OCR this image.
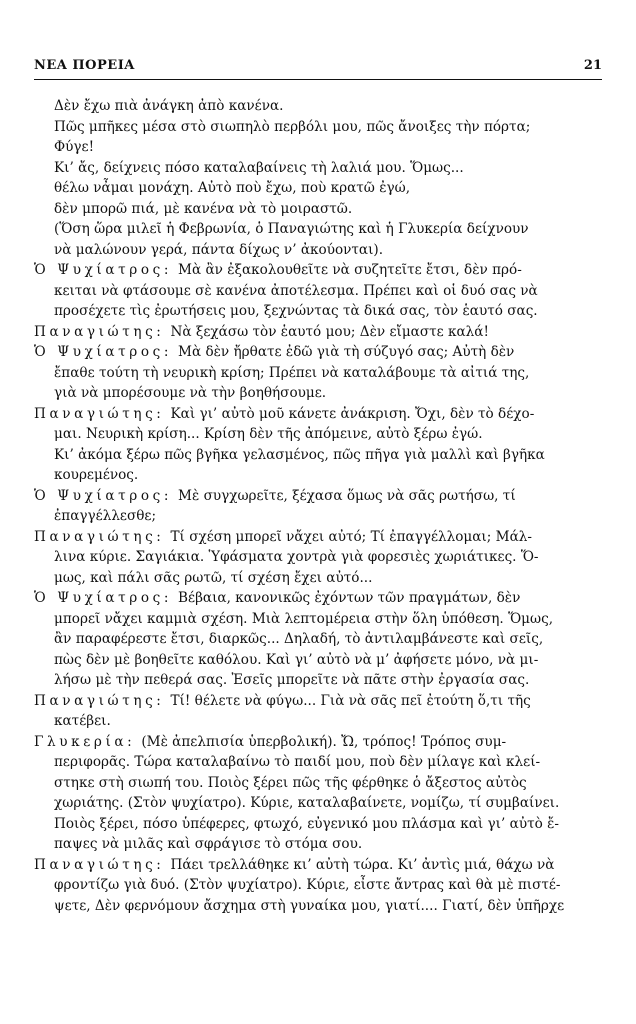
ΝΕΑ ΠΟΡΕΙΑ	21
Δὲν ἔχω πιὰ ἀνάγκη ἀπὸ κανένα.
Πῶς μπῆκες μέσα στὸ σιωπηλὸ περβόλι μου, πῶς ἄνοιξες τὴν πόρτα;
Φύγε!
Κι’ ἄς, δείχνεις πόσο καταλαβαίνεις τὴ λαλιά μου. Ὅμως...
θέλω νἆμαι μονάχη. Αὐτὸ ποὺ ἔχω, ποὺ κρατῶ ἐγώ,
δὲν μπορῶ πιά, μὲ κανένα νὰ τὸ μοιραστῶ.
(Ὅση ὥρα μιλεῖ ἡ Φεβρωνία, ὁ Παναγιώτης καὶ ἡ Γλυκερία δείχνουν
νὰ μαλώνουν γερά, πάντα δίχως ν’ ἀκούονται).
Ὁ Ψυχίατρος: Μὰ ἂν ἐξακολουθεῖτε νὰ συζητεῖτε ἔτσι, δὲν πρό-
κειται νὰ φτάσουμε σὲ κανένα ἀποτέλεσμα. Πρέπει καὶ οἱ δυό σας νὰ
προσέχετε τὶς ἐρωτήσεις μου, ξεχνώντας τὰ δικά σας, τὸν ἑαυτό σας.
Παναγιώτης: Νὰ ξεχάσω τὸν ἑαυτό μου; Δὲν εἴμαστε καλά!
Ὁ Ψυχίατρος: Μὰ δὲν ἤρθατε ἐδῶ γιὰ τὴ σύζυγό σας; Αὐτὴ δὲν
ἔπαθε τούτη τὴ νευρικὴ κρίση; Πρέπει νὰ καταλάβουμε τὰ αἰτιά της,
γιὰ νὰ μπορέσουμε νὰ τὴν βοηθήσουμε.
Παναγιώτης: Καὶ γι’ αὐτὸ μοῦ κάνετε ἀνάκριση. Ὄχι, δὲν τὸ δέχο-
μαι. Νευρικὴ κρίση... Κρίση δὲν τῆς ἀπόμεινε, αὐτὸ ξέρω ἐγώ.
Κι’ ἀκόμα ξέρω πῶς βγῆκα γελασμένος, πῶς πῆγα γιὰ μαλλὶ καὶ βγῆκα
κουρεμένος.
Ὁ Ψυχίατρος: Μὲ συγχωρεῖτε, ξέχασα ὅμως νὰ σᾶς ρωτήσω, τί
ἐπαγγέλλεσθε;
Παναγιώτης: Τί σχέση μπορεῖ νἄχει αὐτό; Τί ἐπαγγέλλομαι; Μάλ-
λινα κύριε. Σαγιάκια. Ὑφάσματα χοντρὰ γιὰ φορεσιὲς χωριάτικες. Ὅ-
μως, καὶ πάλι σᾶς ρωτῶ, τί σχέση ἔχει αὐτό...
Ὁ Ψυχίατρος: Βέβαια, κανονικῶς ἐχόντων τῶν πραγμάτων, δὲν
μπορεῖ νἄχει καμμιὰ σχέση. Μιὰ λεπτομέρεια στὴν ὅλη ὑπόθεση. Ὅμως,
ἂν παραφέρεστε ἔτσι, διαρκῶς... Δηλαδή, τὸ ἀντιλαμβάνεστε καὶ σεῖς,
πὼς δὲν μὲ βοηθεῖτε καθόλου. Καὶ γι’ αὐτὸ νὰ μ’ ἀφήσετε μόνο, νὰ μι-
λήσω μὲ τὴν πεθερά σας. Ἐσεῖς μπορεῖτε νὰ πᾶτε στὴν ἐργασία σας.
Παναγιώτης: Τί! θέλετε νὰ φύγω... Γιὰ νὰ σᾶς πεῖ ἐτούτη ὅ,τι τῆς
κατέβει.
Γλυκερία: (Μὲ ἀπελπισία ὑπερβολική). Ὤ, τρόπος! Τρόπος συμ-
περιφορᾶς. Τώρα καταλαβαίνω τὸ παιδί μου, ποὺ δὲν μίλαγε καὶ κλεί-
στηκε στὴ σιωπή του. Ποιὸς ξέρει πῶς τῆς φέρθηκε ὁ ἄξεστος αὐτὸς
χωριάτης. (Στὸν ψυχίατρο). Κύριε, καταλαβαίνετε, νομίζω, τί συμβαίνει.
Ποιὸς ξέρει, πόσο ὑπέφερες, φτωχό, εὐγενικό μου πλάσμα καὶ γι’ αὐτὸ ἔ-
παψες νὰ μιλᾶς καὶ σφράγισε τὸ στόμα σου.
Παναγιώτης: Πάει τρελλάθηκε κι’ αὐτὴ τώρα. Κι’ ἀντὶς μιά, θάχω νὰ
φροντίζω γιὰ δυό. (Στὸν ψυχίατρο). Κύριε, εἶστε ἄντρας καὶ θὰ μὲ πιστέ-
ψετε, Δὲν φερνόμουν ἄσχημα στὴ γυναίκα μου, γιατί.... Γιατί, δὲν ὑπῆρχε
